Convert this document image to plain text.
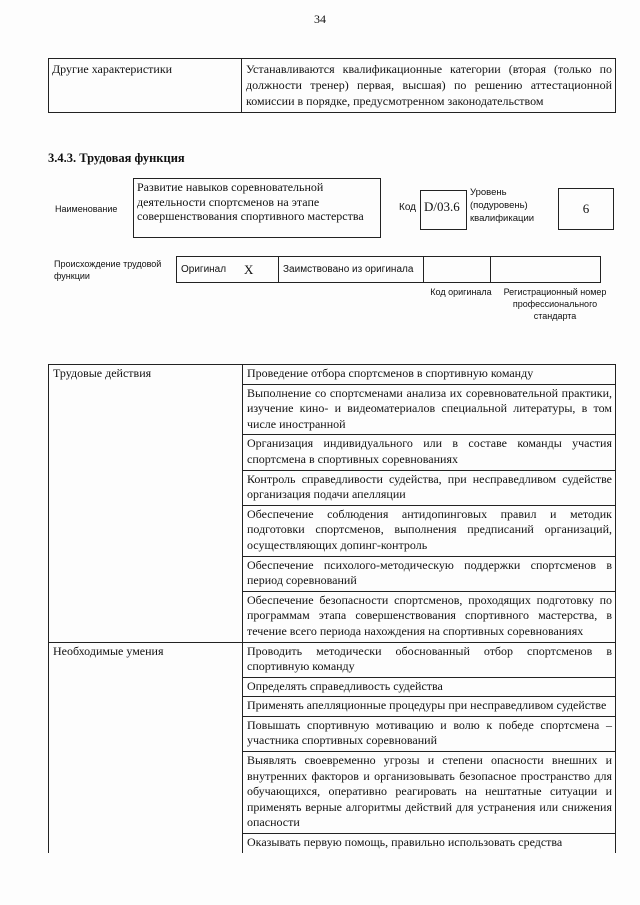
34
Другие характеристики	Устанавливаются квалификационные категории (вторая (только по должности тренер) первая, высшая) по решению аттестационной комиссии в порядке, предусмотренном законодательством
3.4.3. Трудовая функция
Наименование
Развитие навыков соревновательной деятельности спортсменов на этапе совершенствования спортивного мастерства
Код D/03.6
Уровень (подуровень) квалификации
6
Происхождение трудовой функции
Оригинал	X	Заимствовано из оригинала		
Код оригинала	Регистрационный номер профессионального стандарта
Трудовые действия	Проведение отбора спортсменов в спортивную команду
	Выполнение со спортсменами анализа их соревновательной практики, изучение кино- и видеоматериалов специальной литературы, в том числе иностранной
	Организация индивидуального или в составе команды участия спортсмена в спортивных соревнованиях
	Контроль справедливости судейства, при несправедливом судействе организация подачи апелляции
	Обеспечение соблюдения антидопинговых правил и методик подготовки спортсменов, выполнения предписаний организаций, осуществляющих допинг-контроль
	Обеспечение психолого-методическую поддержки спортсменов в период соревнований
	Обеспечение безопасности спортсменов, проходящих подготовку по программам этапа совершенствования спортивного мастерства, в течение всего периода нахождения на спортивных соревнованиях
Необходимые умения	Проводить методически обоснованный отбор спортсменов в спортивную команду
	Определять справедливость судейства
	Применять апелляционные процедуры при несправедливом судействе
	Повышать спортивную мотивацию и волю к победе спортсмена – участника спортивных соревнований
	Выявлять своевременно угрозы и степени опасности внешних и внутренних факторов и организовывать безопасное пространство для обучающихся, оперативно реагировать на нештатные ситуации и применять верные алгоритмы действий для устранения или снижения опасности
	Оказывать первую помощь, правильно использовать средства
